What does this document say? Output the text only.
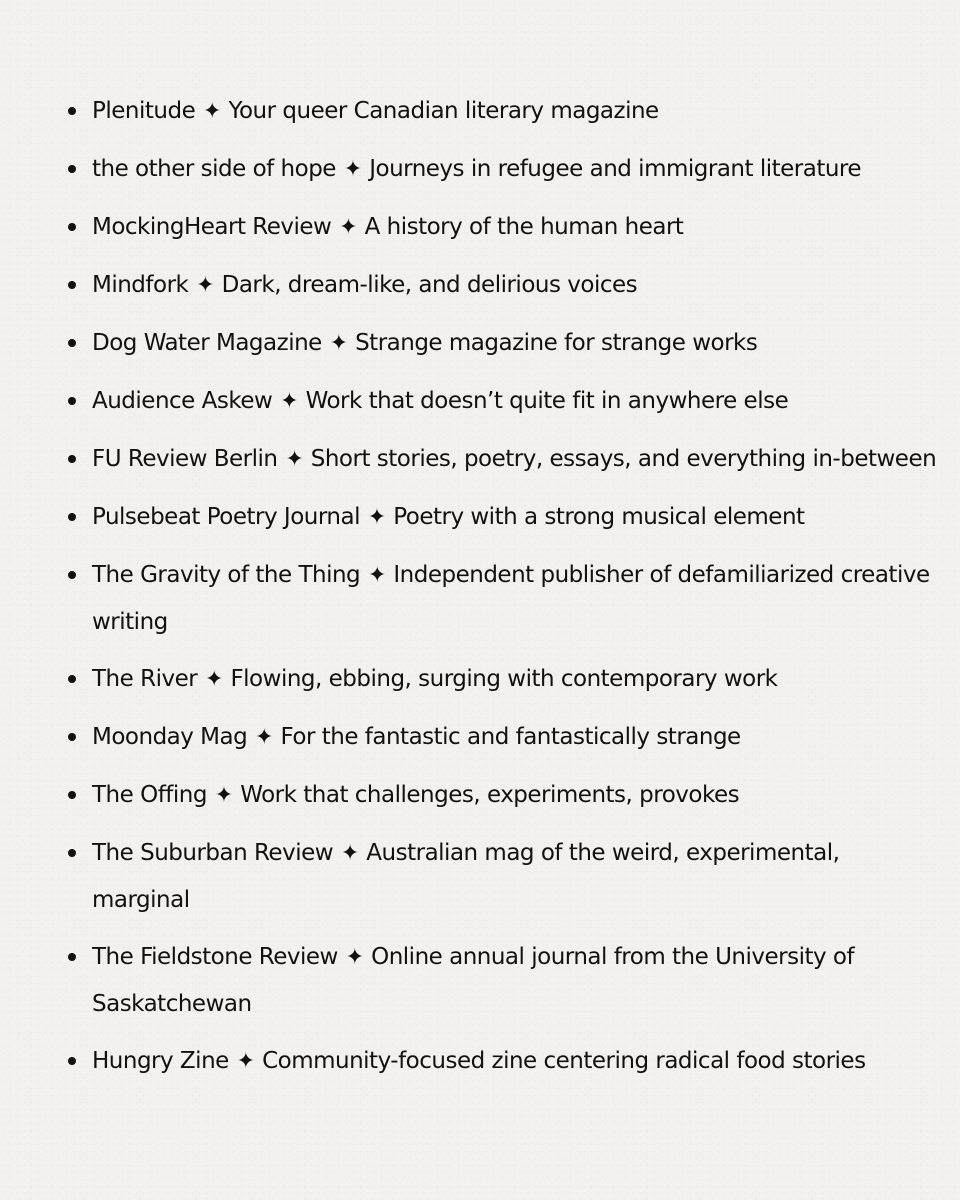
Plenitude ✦ Your queer Canadian literary magazine
the other side of hope ✦ Journeys in refugee and immigrant literature
MockingHeart Review ✦ A history of the human heart
Mindfork ✦ Dark, dream-like, and delirious voices
Dog Water Magazine ✦ Strange magazine for strange works
Audience Askew ✦ Work that doesn’t quite fit in anywhere else
FU Review Berlin ✦ Short stories, poetry, essays, and everything in-between
Pulsebeat Poetry Journal ✦ Poetry with a strong musical element
The Gravity of the Thing ✦ Independent publisher of defamiliarized creative writing
The River ✦ Flowing, ebbing, surging with contemporary work
Moonday Mag ✦ For the fantastic and fantastically strange
The Offing ✦ Work that challenges, experiments, provokes
The Suburban Review ✦ Australian mag of the weird, experimental, marginal
The Fieldstone Review ✦ Online annual journal from the University of Saskatchewan
Hungry Zine ✦ Community-focused zine centering radical food stories
